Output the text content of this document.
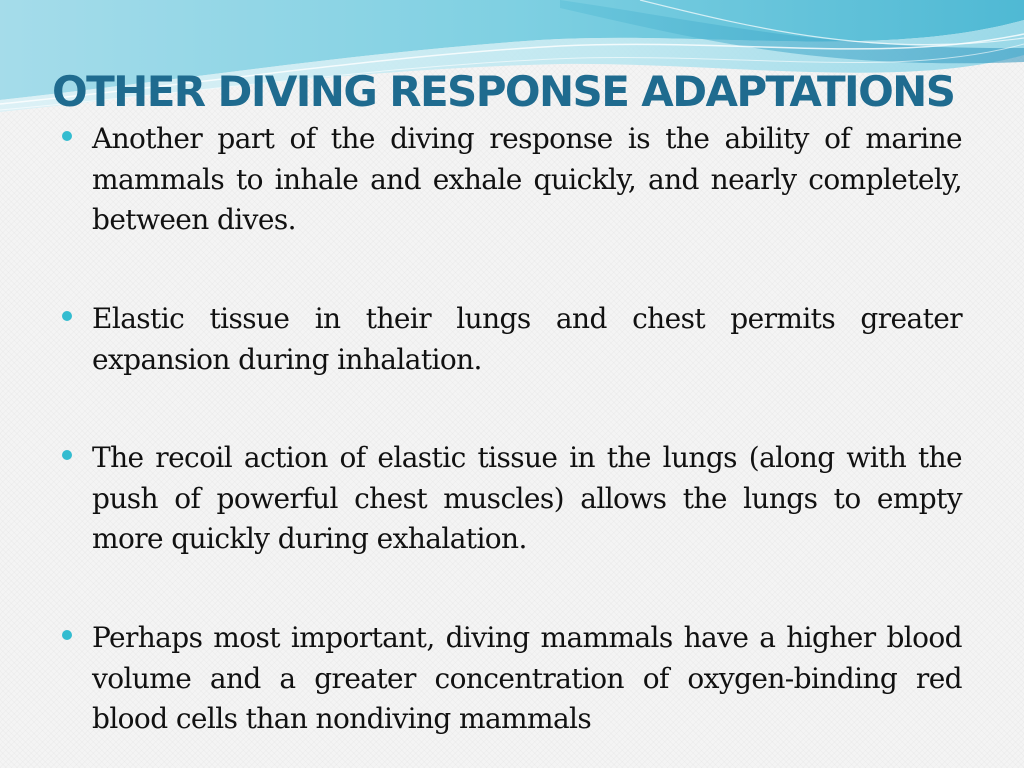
OTHER DIVING RESPONSE ADAPTATIONS
Another part of the diving response is the ability of marine mammals to inhale and exhale quickly, and nearly completely, between dives.
Elastic tissue in their lungs and chest permits greater expansion during inhalation.
The recoil action of elastic tissue in the lungs (along with the push of powerful chest muscles) allows the lungs to empty more quickly during exhalation.
Perhaps most important, diving mammals have a higher blood volume and a greater concentration of oxygen-binding red blood cells than nondiving mammals
